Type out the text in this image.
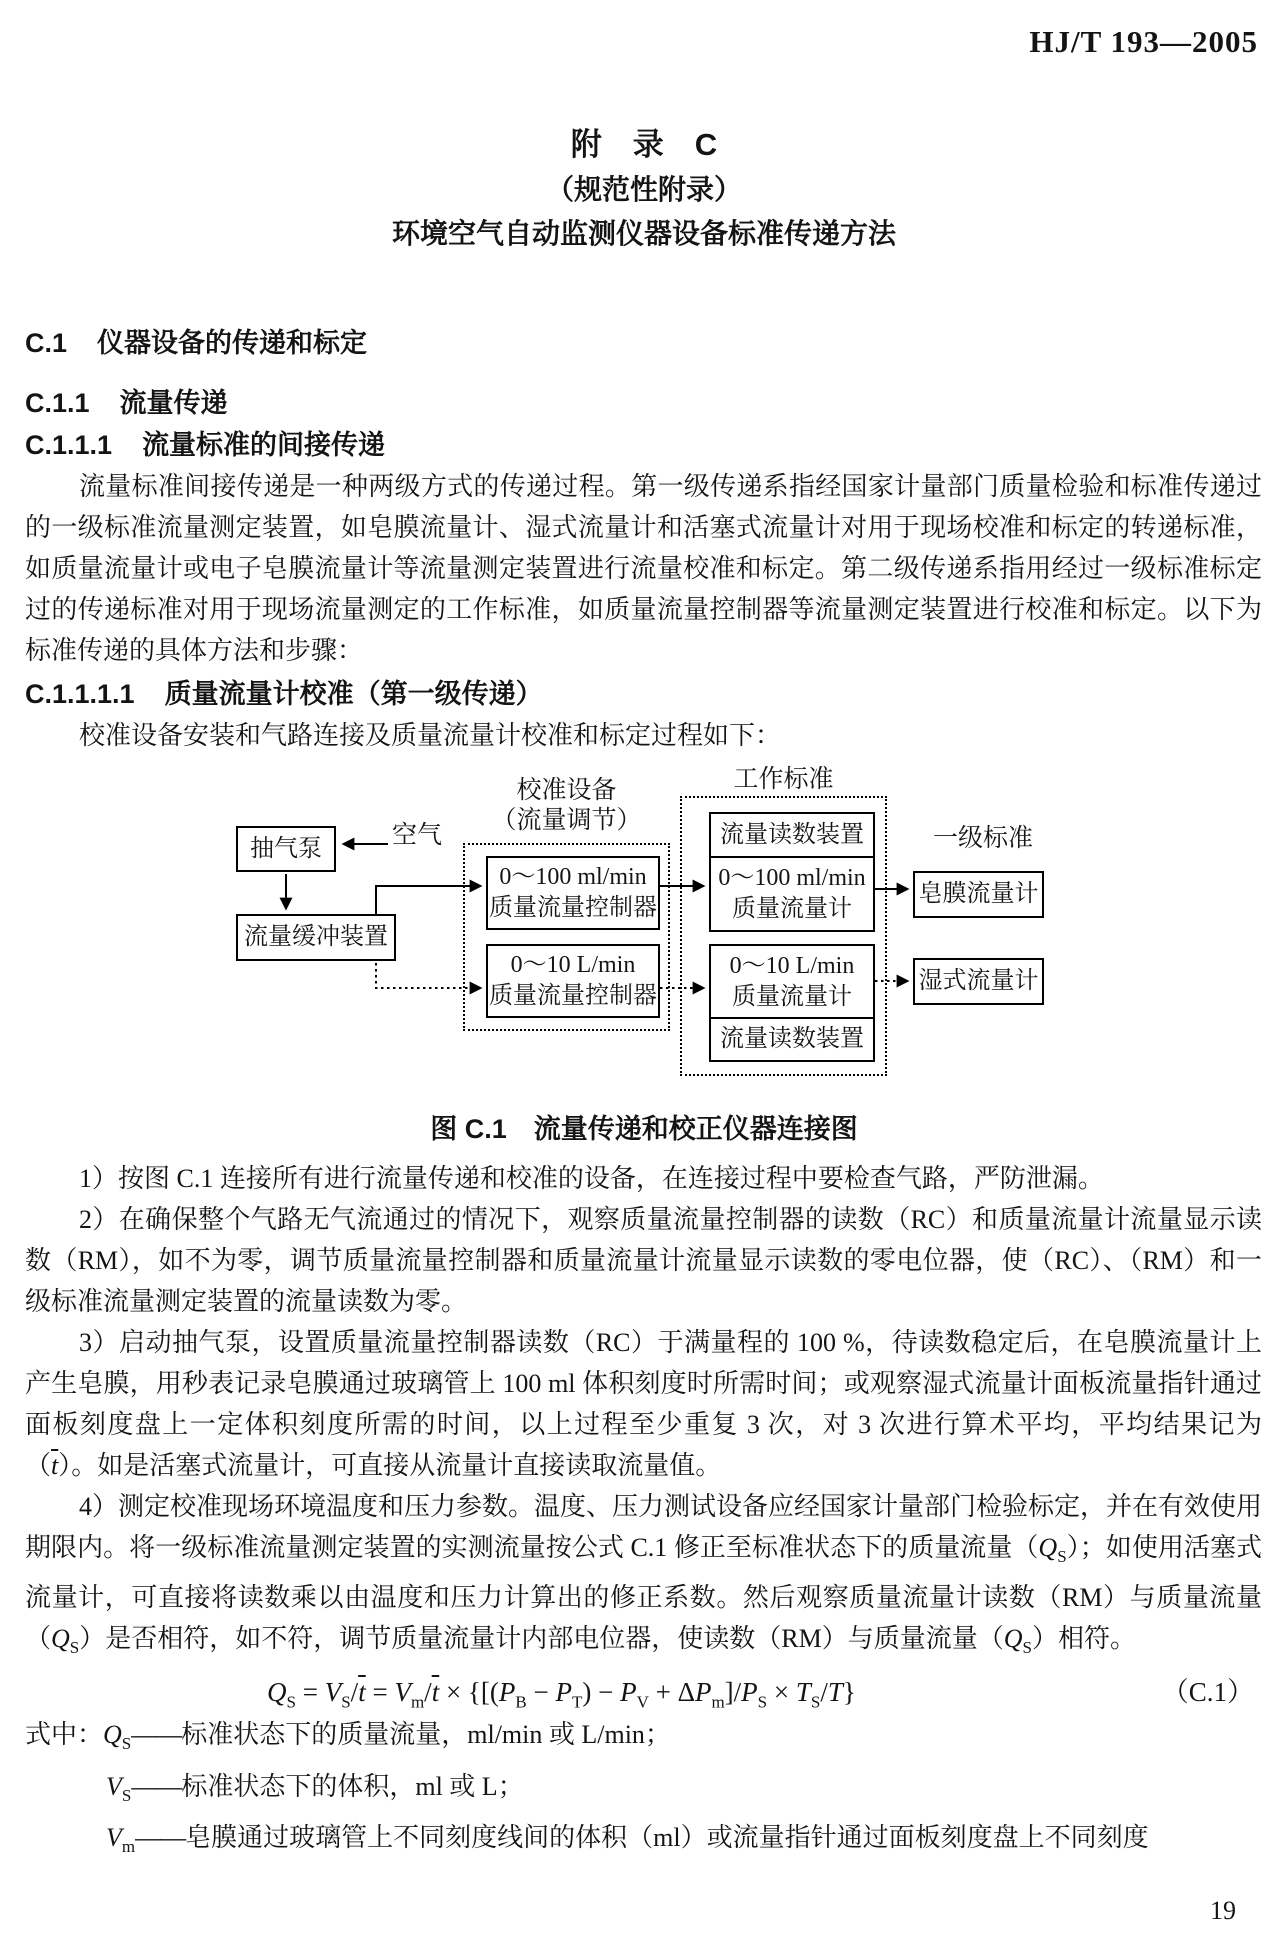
HJ/T 193—2005
附　录　C
（规范性附录）
环境空气自动监测仪器设备标准传递方法
C.1 仪器设备的传递和标定
C.1.1 流量传递
C.1.1.1 流量标准的间接传递

流量标准间接传递是一种两级方式的传递过程。第一级传递系指经国家计量部门质量检验和标准传递过的一级标准流量测定装置，如皂膜流量计、湿式流量计和活塞式流量计对用于现场校准和标定的转递标准，如质量流量计或电子皂膜流量计等流量测定装置进行流量校准和标定。第二级传递系指用经过一级标准标定过的传递标准对用于现场流量测定的工作标准，如质量流量控制器等流量测定装置进行校准和标定。以下为标准传递的具体方法和步骤：

C.1.1.1.1 质量流量计校准（第一级传递）

校准设备安装和气路连接及质量流量计校准和标定过程如下：

校准设备
（流量调节）
工作标准
一级标准
空气
抽气泵
流量缓冲装置
0～100 ml/min
质量流量控制器
0～10 L/min
质量流量控制器
流量读数装置
0～100 ml/min
质量流量计
0～10 L/min
质量流量计
流量读数装置
皂膜流量计
湿式流量计
图 C.1　流量传递和校正仪器连接图

1）按图 C.1 连接所有进行流量传递和校准的设备，在连接过程中要检查气路，严防泄漏。

2）在确保整个气路无气流通过的情况下，观察质量流量控制器的读数（RC）和质量流量计流量显示读数（RM），如不为零，调节质量流量控制器和质量流量计流量显示读数的零电位器，使（RC）、（RM）和一级标准流量测定装置的流量读数为零。

3）启动抽气泵，设置质量流量控制器读数（RC）于满量程的 100 %，待读数稳定后，在皂膜流量计上产生皂膜，用秒表记录皂膜通过玻璃管上 100 ml 体积刻度时所需时间；或观察湿式流量计面板流量指针通过面板刻度盘上一定体积刻度所需的时间，以上过程至少重复 3 次，对 3 次进行算术平均，平均结果记为$(\overline{t})$。如是活塞式流量计，可直接从流量计直接读取流量值。

4）测定校准现场环境温度和压力参数。温度、压力测试设备应经国家计量部门检验标定，并在有效使用期限内。将一级标准流量测定装置的实测流量按公式 C.1 修正至标准状态下的质量流量$(Q_S)$；如使用活塞式流量计，可直接将读数乘以由温度和压力计算出的修正系数。然后观察质量流量计读数（RM）与质量流量$(Q_S)$是否相符，如不符，调节质量流量计内部电位器，使读数（RM）与质量流量$(Q_S)$相符。

$Q_S = V_S/\overline{t} = V_m/\overline{t} \times \{[(P_B - P_T) - P_V + \Delta P_m]/P_S \times T_S/T\}$	（C.1）
式中：$Q_S——$标准状态下的质量流量，ml/min 或 L/min；
$V_S——$标准状态下的体积，ml 或 L；
$V_m——$皂膜通过玻璃管上不同刻度线间的体积（ml）或流量指针通过面板刻度盘上不同刻度
19
